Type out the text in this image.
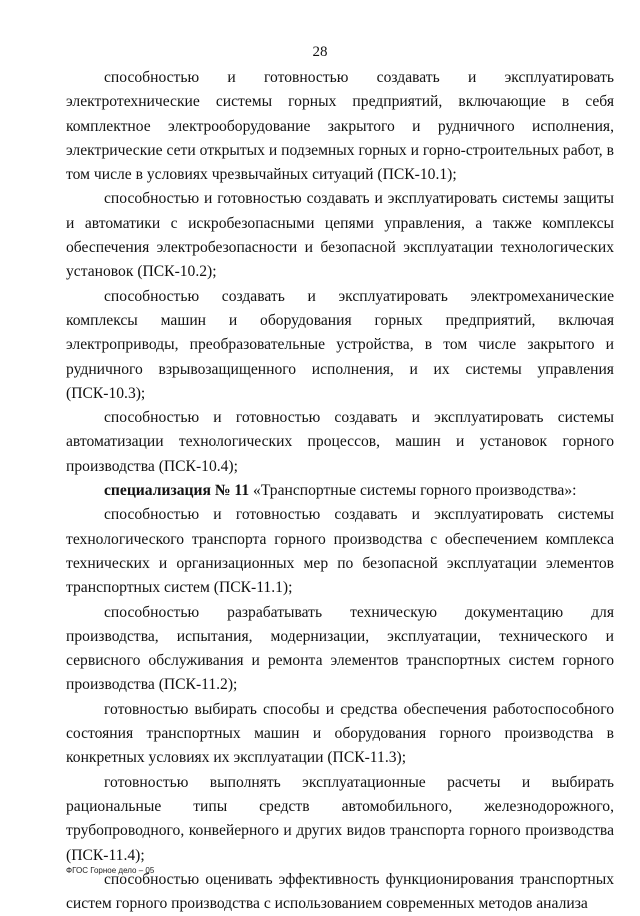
28

способностью и готовностью создавать и эксплуатировать электротехнические системы горных предприятий, включающие в себя комплектное электрооборудование закрытого и рудничного исполнения, электрические сети открытых и подземных горных и горно-строительных работ, в том числе в условиях чрезвычайных ситуаций (ПСК-10.1);

способностью и готовностью создавать и эксплуатировать системы защиты и автоматики с искробезопасными цепями управления, а также комплексы обеспечения электробезопасности и безопасной эксплуатации технологических установок (ПСК-10.2);

способностью создавать и эксплуатировать электромеханические комплексы машин и оборудования горных предприятий, включая электроприводы, преобразовательные устройства, в том числе закрытого и рудничного взрывозащищенного исполнения, и их системы управления (ПСК-10.3);

способностью и готовностью создавать и эксплуатировать системы автоматизации технологических процессов, машин и установок горного производства (ПСК-10.4);

специализация № 11 «Транспортные системы горного производства»:

способностью и готовностью создавать и эксплуатировать системы технологического транспорта горного производства с обеспечением комплекса технических и организационных мер по безопасной эксплуатации элементов транспортных систем (ПСК-11.1);

способностью разрабатывать техническую документацию для производства, испытания, модернизации, эксплуатации, технического и сервисного обслуживания и ремонта элементов транспортных систем горного производства (ПСК-11.2);

готовностью выбирать способы и средства обеспечения работоспособного состояния транспортных машин и оборудования горного производства в конкретных условиях их эксплуатации (ПСК-11.3);

готовностью выполнять эксплуатационные расчеты и выбирать рациональные типы средств автомобильного, железнодорожного, трубопроводного, конвейерного и других видов транспорта горного производства (ПСК-11.4);

способностью оценивать эффективность функционирования транспортных систем горного производства с использованием современных методов анализа

ФГОС Горное дело – 05
